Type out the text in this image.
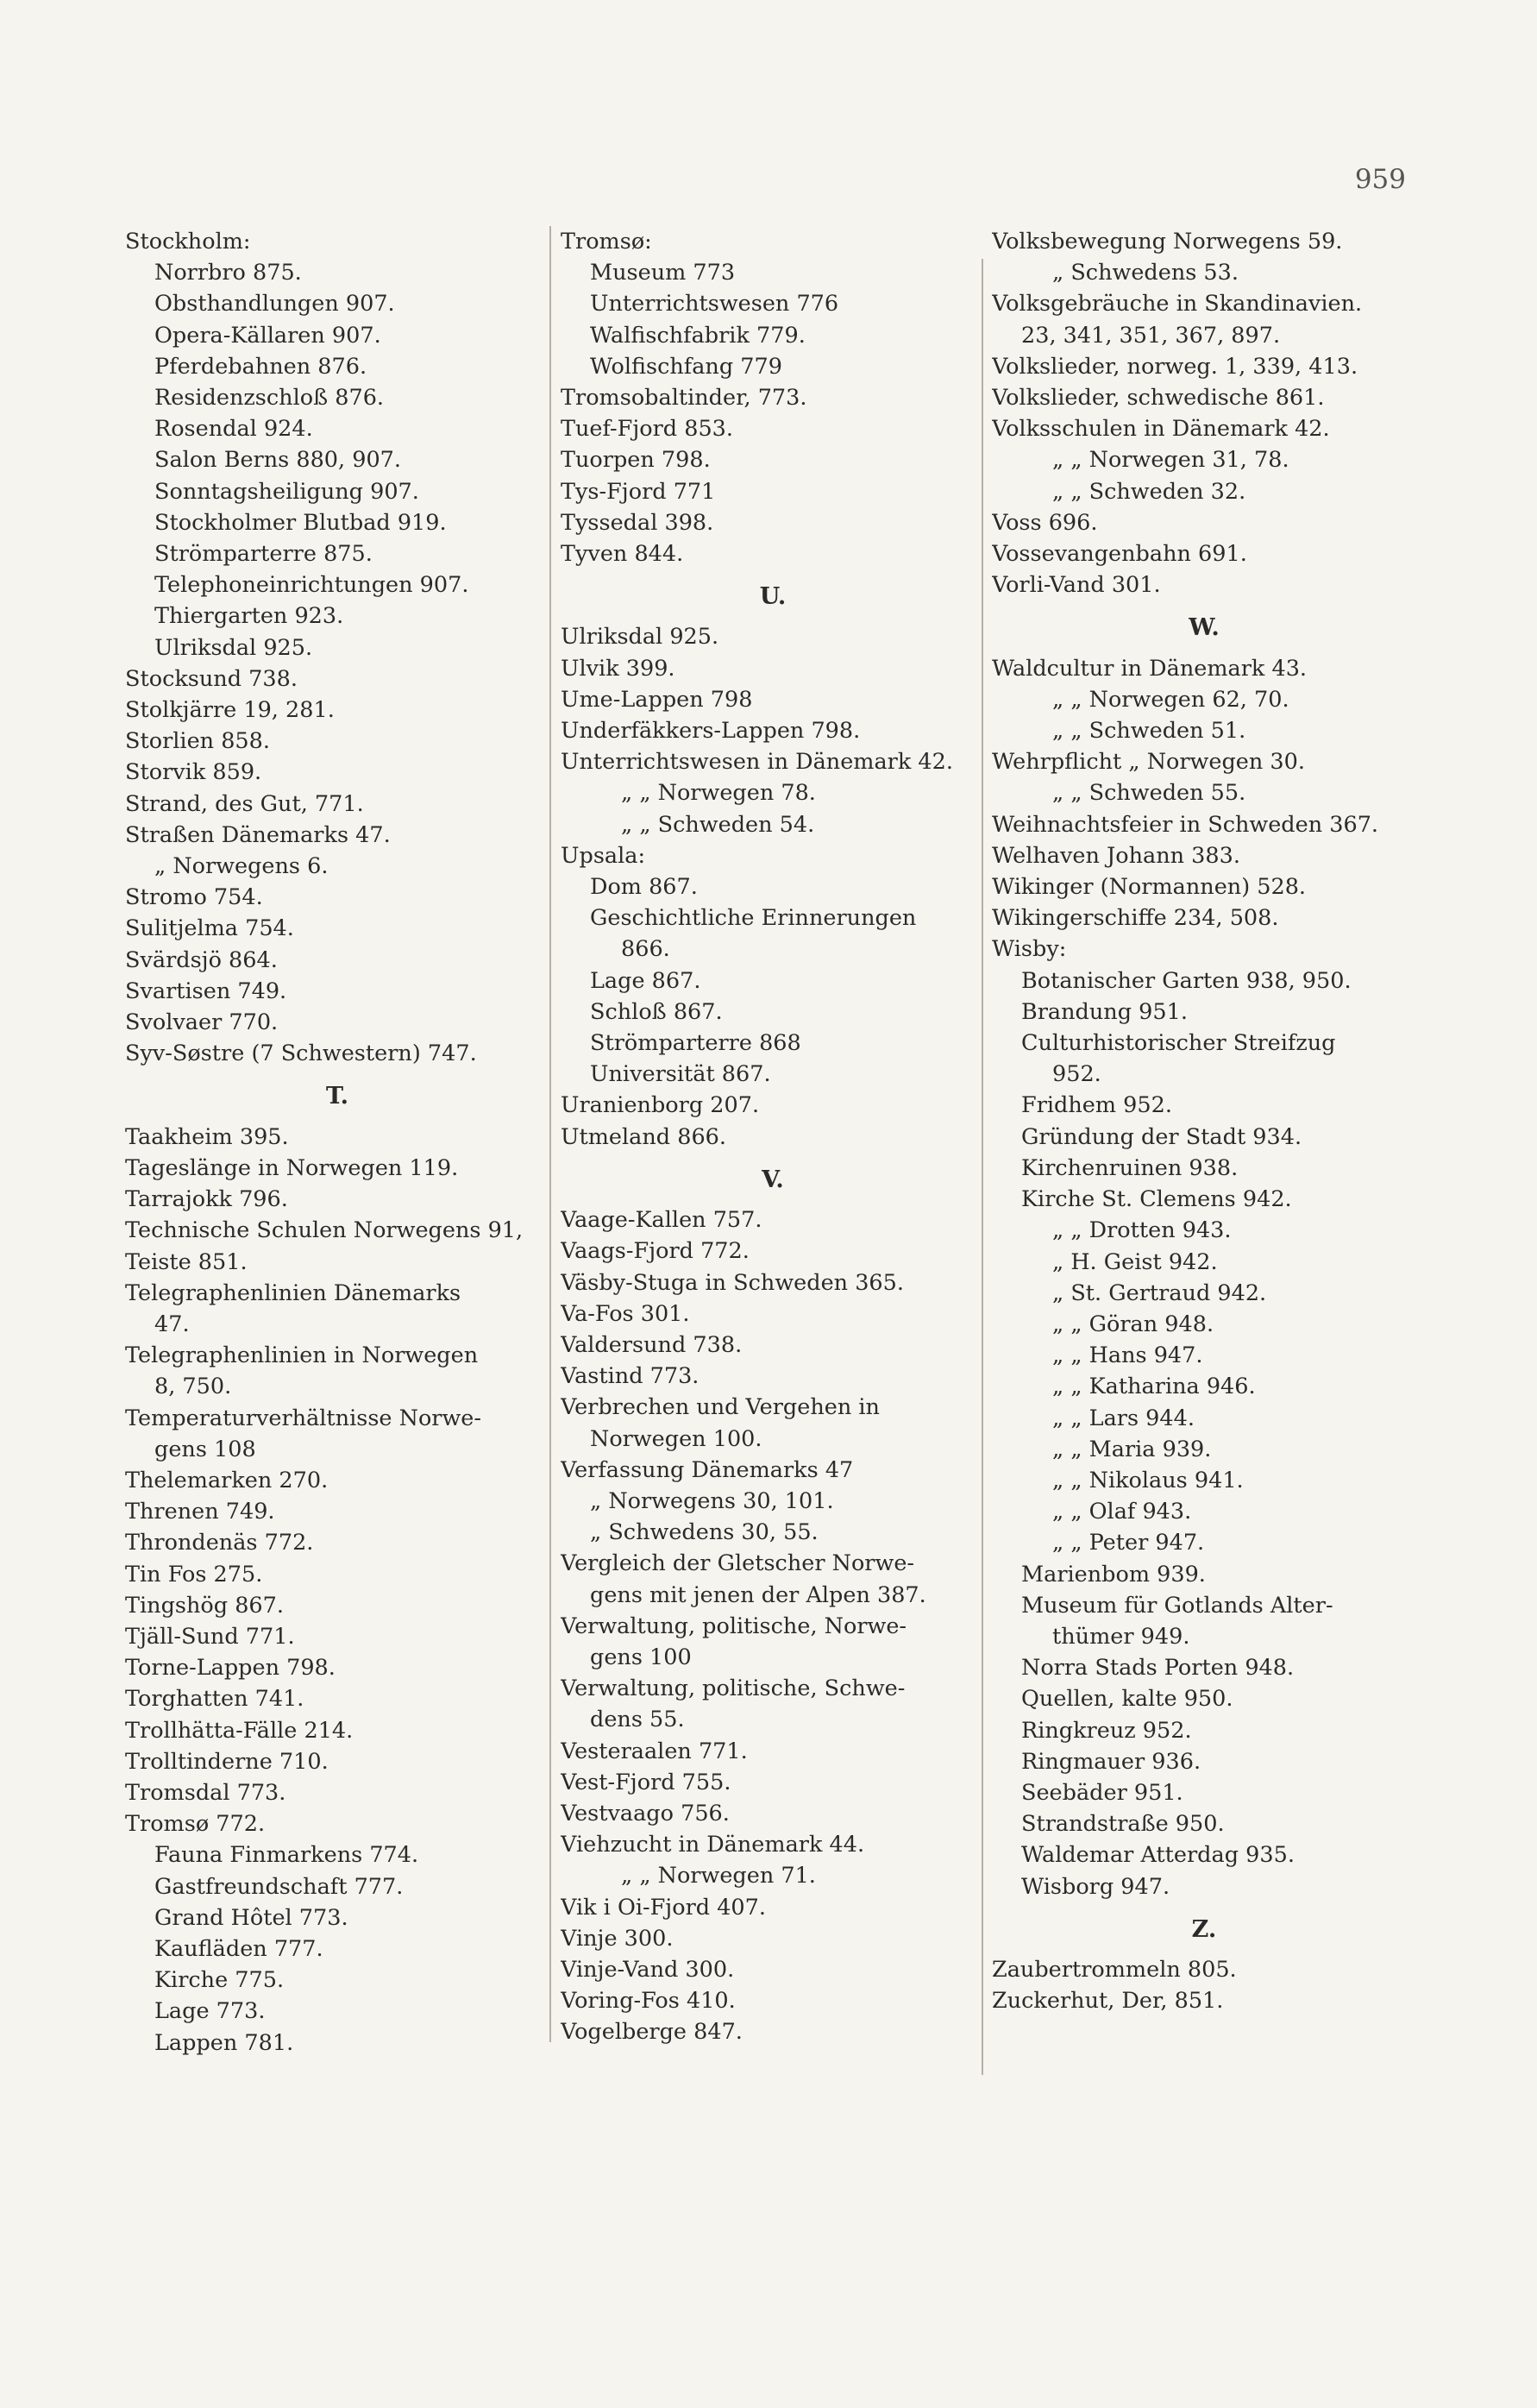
959
Stockholm:
Norrbro 875.
Obsthandlungen 907.
Opera-Källaren 907.
Pferdebahnen 876.
Residenzschloß 876.
Rosendal 924.
Salon Berns 880, 907.
Sonntagsheiligung 907.
Stockholmer Blutbad 919.
Strömparterre 875.
Telephoneinrichtungen 907.
Thiergarten 923.
Ulriksdal 925.
Stocksund 738.
Stolkjärre 19, 281.
Storlien 858.
Storvik 859.
Strand, des Gut, 771.
Straßen Dänemarks 47.
„ Norwegens 6.
Stromo 754.
Sulitjelma 754.
Svärdsjö 864.
Svartisen 749.
Svolvaer 770.
Syv-Søstre (7 Schwestern) 747.
T.
Taakheim 395.
Tageslänge in Norwegen 119.
Tarrajokk 796.
Technische Schulen Norwegens 91,
Teiste 851.
Telegraphenlinien Dänemarks
47.
Telegraphenlinien in Norwegen
8, 750.
Temperaturverhältnisse Norwe-
gens 108
Thelemarken 270.
Threnen 749.
Throndenäs 772.
Tin Fos 275.
Tingshög 867.
Tjäll-Sund 771.
Torne-Lappen 798.
Torghatten 741.
Trollhätta-Fälle 214.
Trolltinderne 710.
Tromsdal 773.
Tromsø 772.
Fauna Finmarkens 774.
Gastfreundschaft 777.
Grand Hôtel 773.
Kaufläden 777.
Kirche 775.
Lage 773.
Lappen 781.
Tromsø:
Museum 773
Unterrichtswesen 776
Walfischfabrik 779.
Wolfischfang 779
Tromsobaltinder, 773.
Tuef-Fjord 853.
Tuorpen 798.
Tys-Fjord 771
Tyssedal 398.
Tyven 844.
U.
Ulriksdal 925.
Ulvik 399.
Ume-Lappen 798
Underfäkkers-Lappen 798.
Unterrichtswesen in Dänemark 42.
„ „ Norwegen 78.
„ „ Schweden 54.
Upsala:
Dom 867.
Geschichtliche Erinnerungen
866.
Lage 867.
Schloß 867.
Strömparterre 868
Universität 867.
Uranienborg 207.
Utmeland 866.
V.
Vaage-Kallen 757.
Vaags-Fjord 772.
Väsby-Stuga in Schweden 365.
Va-Fos 301.
Valdersund 738.
Vastind 773.
Verbrechen und Vergehen in
Norwegen 100.
Verfassung Dänemarks 47
„ Norwegens 30, 101.
„ Schwedens 30, 55.
Vergleich der Gletscher Norwe-
gens mit jenen der Alpen 387.
Verwaltung, politische, Norwe-
gens 100
Verwaltung, politische, Schwe-
dens 55.
Vesteraalen 771.
Vest-Fjord 755.
Vestvaago 756.
Viehzucht in Dänemark 44.
„ „ Norwegen 71.
Vik i Oi-Fjord 407.
Vinje 300.
Vinje-Vand 300.
Voring-Fos 410.
Vogelberge 847.
Volksbewegung Norwegens 59.
„ Schwedens 53.
Volksgebräuche in Skandinavien.
23, 341, 351, 367, 897.
Volkslieder, norweg. 1, 339, 413.
Volkslieder, schwedische 861.
Volksschulen in Dänemark 42.
„ „ Norwegen 31, 78.
„ „ Schweden 32.
Voss 696.
Vossevangenbahn 691.
Vorli-Vand 301.
W.
Waldcultur in Dänemark 43.
„ „ Norwegen 62, 70.
„ „ Schweden 51.
Wehrpflicht „ Norwegen 30.
„ „ Schweden 55.
Weihnachtsfeier in Schweden 367.
Welhaven Johann 383.
Wikinger (Normannen) 528.
Wikingerschiffe 234, 508.
Wisby:
Botanischer Garten 938, 950.
Brandung 951.
Culturhistorischer Streifzug
952.
Fridhem 952.
Gründung der Stadt 934.
Kirchenruinen 938.
Kirche St. Clemens 942.
„ „ Drotten 943.
„ H. Geist 942.
„ St. Gertraud 942.
„ „ Göran 948.
„ „ Hans 947.
„ „ Katharina 946.
„ „ Lars 944.
„ „ Maria 939.
„ „ Nikolaus 941.
„ „ Olaf 943.
„ „ Peter 947.
Marienbom 939.
Museum für Gotlands Alter-
thümer 949.
Norra Stads Porten 948.
Quellen, kalte 950.
Ringkreuz 952.
Ringmauer 936.
Seebäder 951.
Strandstraße 950.
Waldemar Atterdag 935.
Wisborg 947.
Z.
Zaubertrommeln 805.
Zuckerhut, Der, 851.
